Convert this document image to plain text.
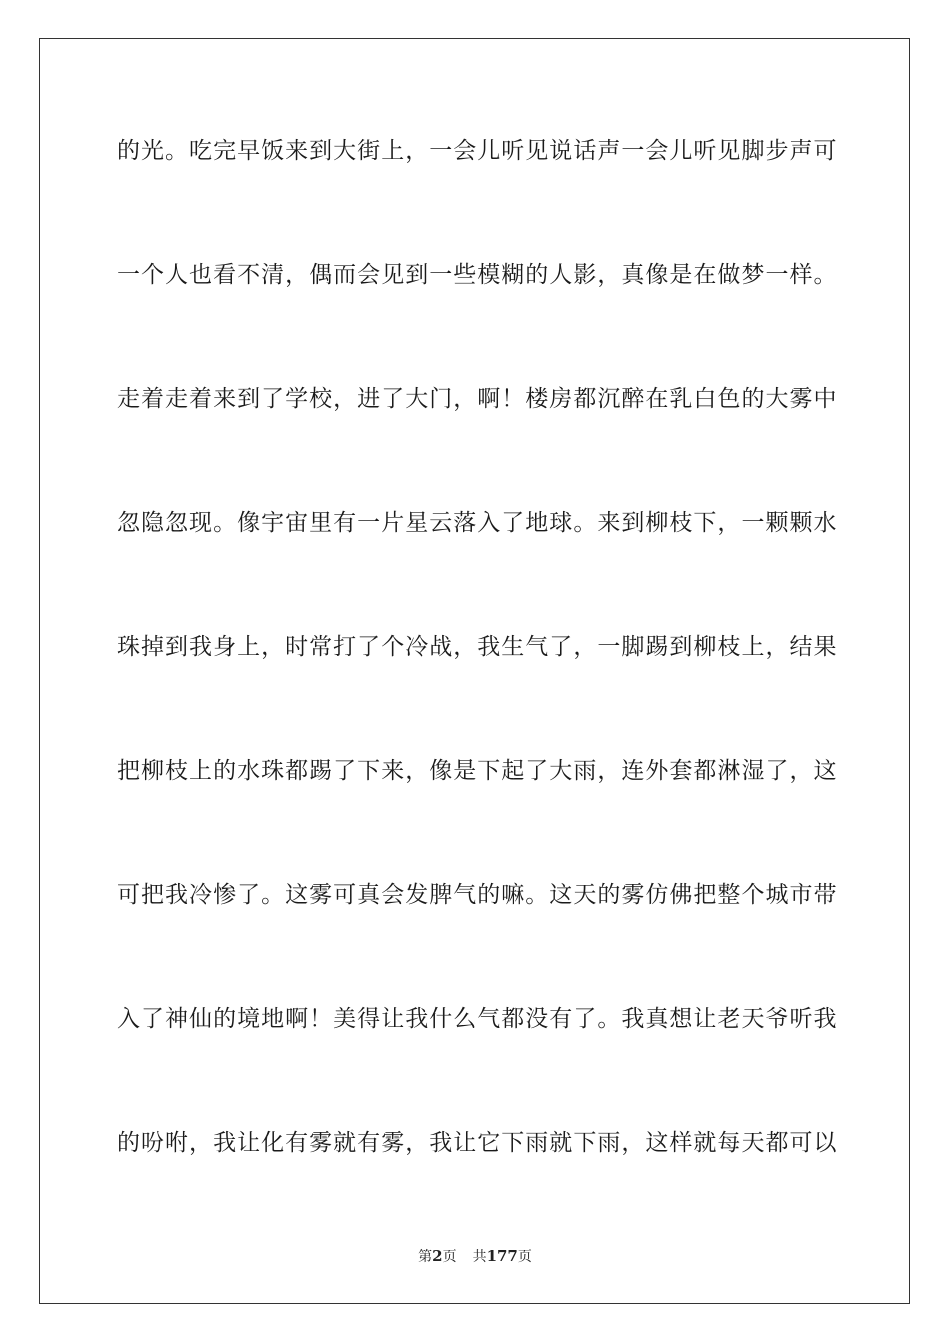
的光。吃完早饭来到大街上，一会儿听见说话声一会儿听见脚步声可
一个人也看不清，偶而会见到一些模糊的人影，真像是在做梦一样。
走着走着来到了学校，进了大门，啊！楼房都沉醉在乳白色的大雾中
忽隐忽现。像宇宙里有一片星云落入了地球。来到柳枝下，一颗颗水
珠掉到我身上，时常打了个冷战，我生气了，一脚踢到柳枝上，结果
把柳枝上的水珠都踢了下来，像是下起了大雨，连外套都淋湿了，这
可把我冷惨了。这雾可真会发脾气的嘛。这天的雾仿佛把整个城市带
入了神仙的境地啊！美得让我什么气都没有了。我真想让老天爷听我
的吩咐，我让化有雾就有雾，我让它下雨就下雨，这样就每天都可以
第2页 共177页
